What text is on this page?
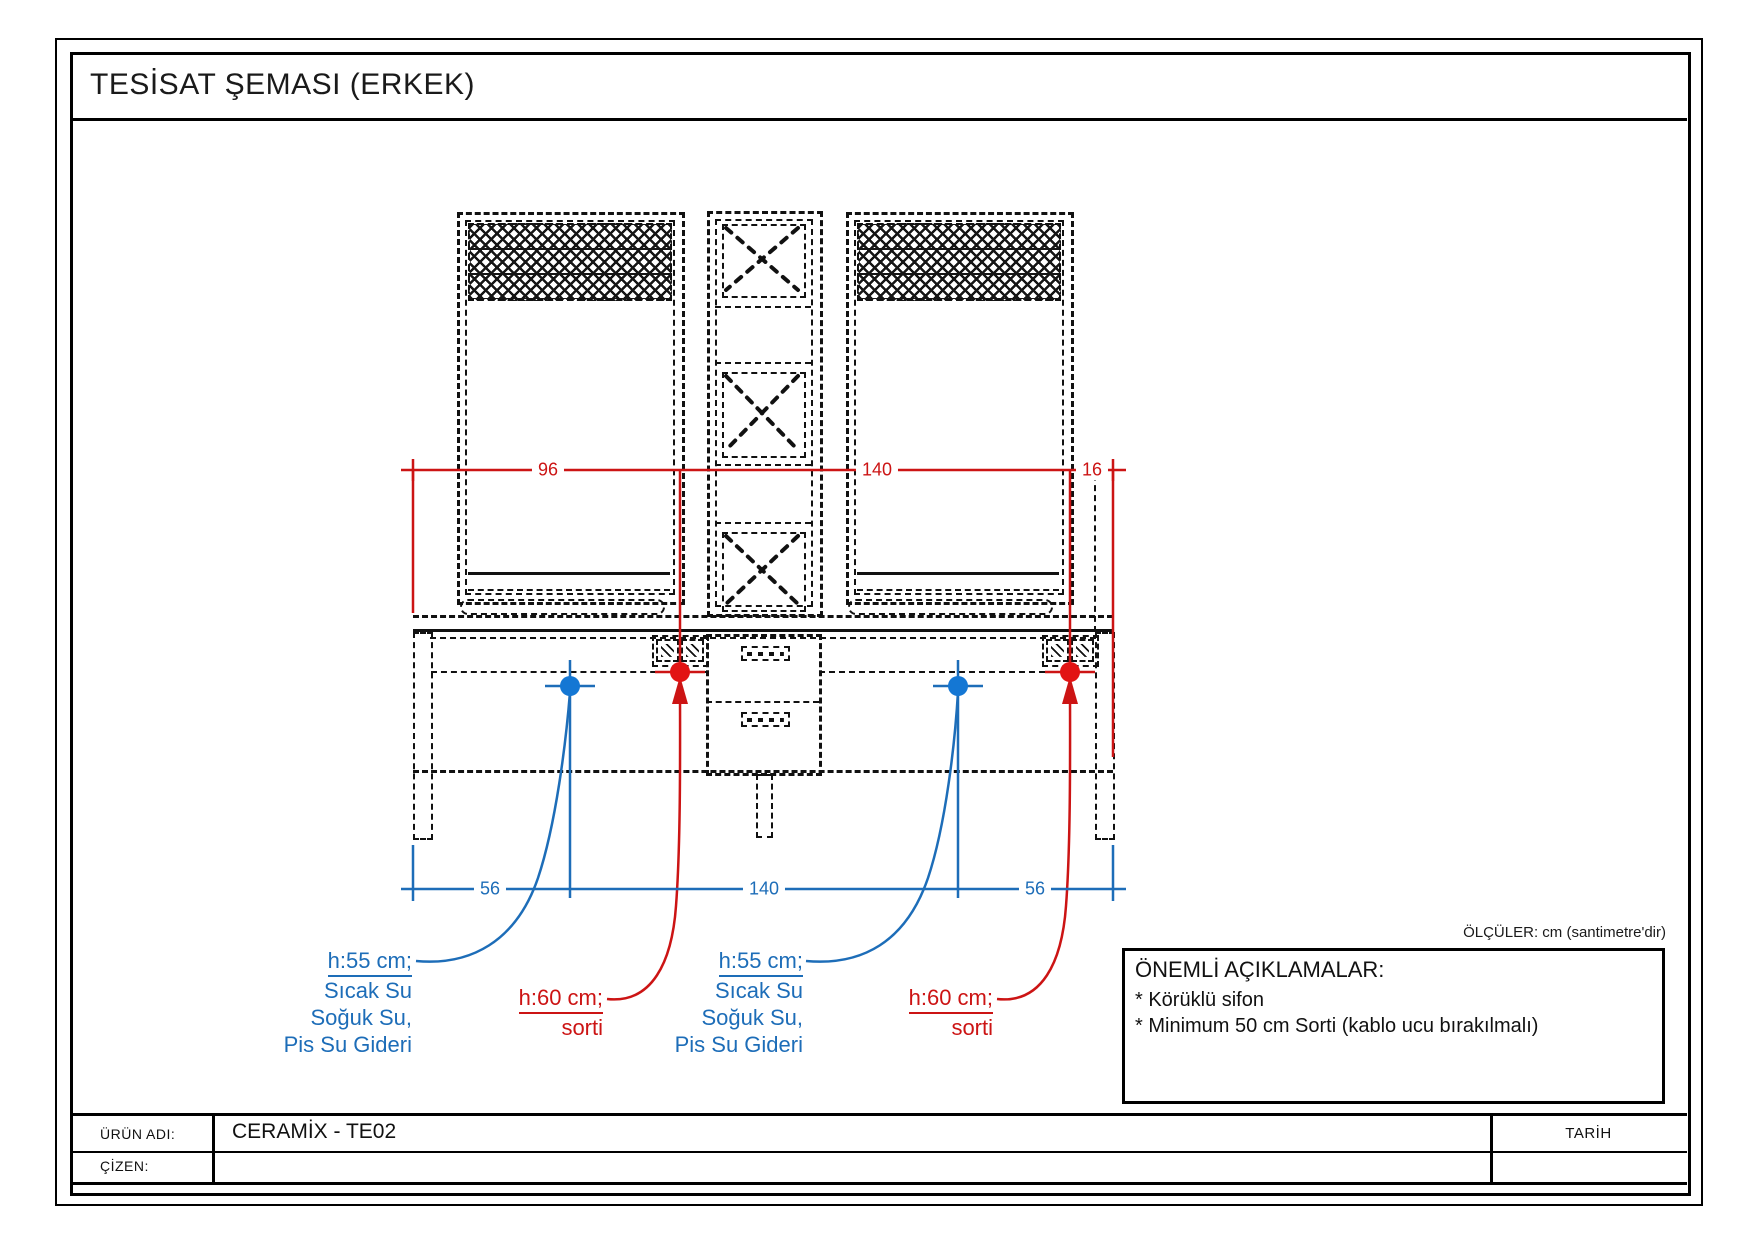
TESİSAT ŞEMASI (ERKEK)
96	140	16
56	140	56
h:55 cm;
Sıcak Su
Soğuk Su,
Pis Su Gideri
h:60 cm;
sorti
h:55 cm;
Sıcak Su
Soğuk Su,
Pis Su Gideri
h:60 cm;
sorti
ÖLÇÜLER: cm (santimetre'dir)
ÖNEMLİ AÇIKLAMALAR:
* Körüklü sifon
* Minimum 50 cm Sorti (kablo ucu bırakılmalı)
ÜRÜN ADI:	CERAMİX - TE02
ÇİZEN:
TARİH
